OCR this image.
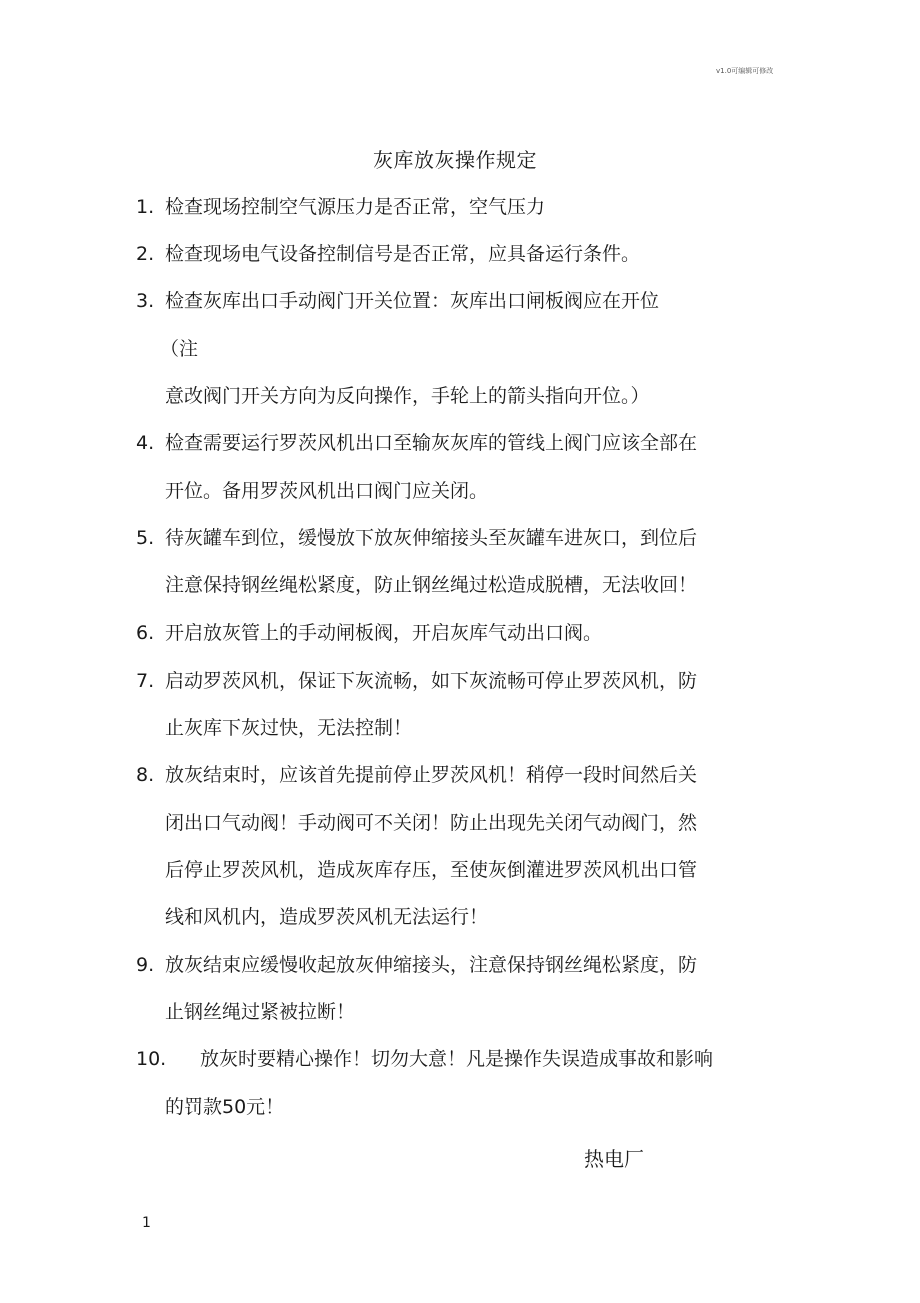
v1.0可编辑可修改
灰库放灰操作规定
1. 检查现场控制空气源压力是否正常，空气压力
2. 检查现场电气设备控制信号是否正常，应具备运行条件。
3. 检查灰库出口手动阀门开关位置：灰库出口闸板阀应在开位
（注
意改阀门开关方向为反向操作，手轮上的箭头指向开位。）
4. 检查需要运行罗茨风机出口至输灰灰库的管线上阀门应该全部在
开位。备用罗茨风机出口阀门应关闭。
5. 待灰罐车到位，缓慢放下放灰伸缩接头至灰罐车进灰口，到位后
注意保持钢丝绳松紧度，防止钢丝绳过松造成脱槽，无法收回！
6. 开启放灰管上的手动闸板阀，开启灰库气动出口阀。
7. 启动罗茨风机，保证下灰流畅，如下灰流畅可停止罗茨风机，防
止灰库下灰过快，无法控制！
8. 放灰结束时，应该首先提前停止罗茨风机！稍停一段时间然后关
闭出口气动阀！手动阀可不关闭！防止出现先关闭气动阀门，然
后停止罗茨风机，造成灰库存压，至使灰倒灌进罗茨风机出口管
线和风机内，造成罗茨风机无法运行！
9. 放灰结束应缓慢收起放灰伸缩接头，注意保持钢丝绳松紧度，防
止钢丝绳过紧被拉断！
10. 放灰时要精心操作！切勿大意！凡是操作失误造成事故和影响
的罚款50元！
热电厂
1
